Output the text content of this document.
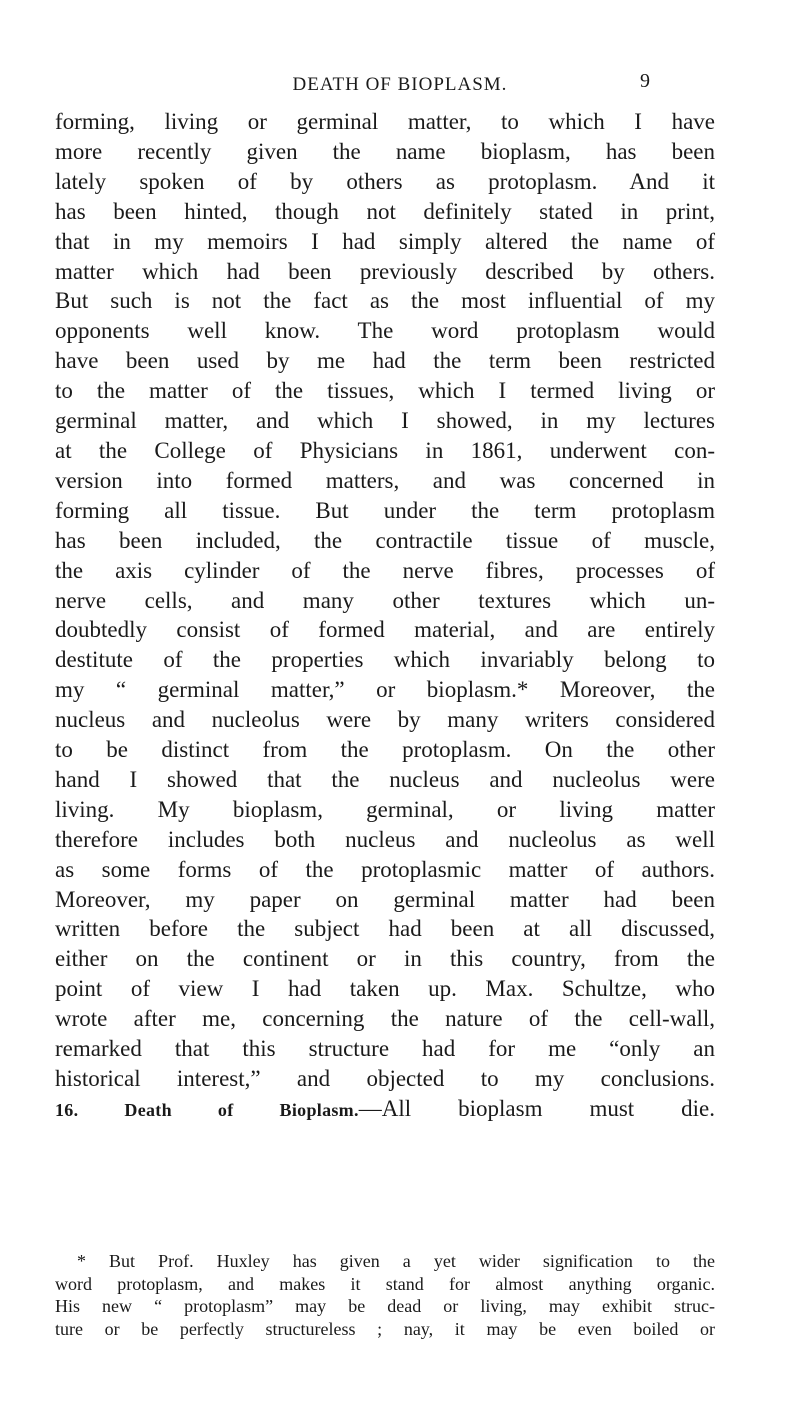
DEATH OF BIOPLASM.	9
forming, living or germinal matter, to which I have
more recently given the name bioplasm, has been
lately spoken of by others as protoplasm. And it
has been hinted, though not definitely stated in print,
that in my memoirs I had simply altered the name of
matter which had been previously described by others.
But such is not the fact as the most influential of my
opponents well know. The word protoplasm would
have been used by me had the term been restricted
to the matter of the tissues, which I termed living or
germinal matter, and which I showed, in my lectures
at the College of Physicians in 1861, underwent con-
version into formed matters, and was concerned in
forming all tissue. But under the term protoplasm
has been included, the contractile tissue of muscle,
the axis cylinder of the nerve fibres, processes of
nerve cells, and many other textures which un-
doubtedly consist of formed material, and are entirely
destitute of the properties which invariably belong to
my “ germinal matter,” or bioplasm.* Moreover, the
nucleus and nucleolus were by many writers considered
to be distinct from the protoplasm. On the other
hand I showed that the nucleus and nucleolus were
living. My bioplasm, germinal, or living matter
therefore includes both nucleus and nucleolus as well
as some forms of the protoplasmic matter of authors.
Moreover, my paper on germinal matter had been
written before the subject had been at all discussed,
either on the continent or in this country, from the
point of view I had taken up. Max. Schultze, who
wrote after me, concerning the nature of the cell-wall,
remarked that this structure had for me “only an
historical interest,” and objected to my conclusions.
16. Death of Bioplasm.—All bioplasm must die.
* But Prof. Huxley has given a yet wider signification to the
word protoplasm, and makes it stand for almost anything organic.
His new “ protoplasm” may be dead or living, may exhibit struc-
ture or be perfectly structureless ; nay, it may be even boiled or
